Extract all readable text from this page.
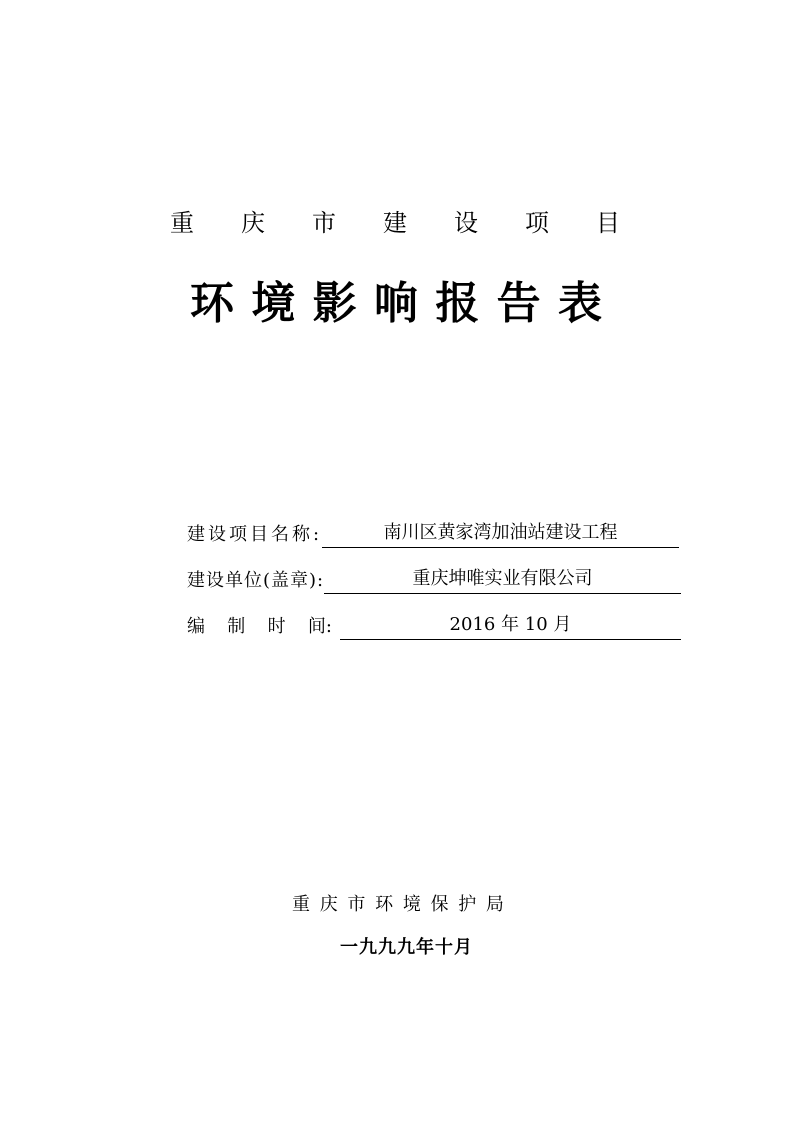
重 庆 市 建 设 项 目
环 境 影 响 报 告 表
建设项目名称:	南川区黄家湾加油站建设工程
建设单位(盖章):	重庆坤唯实业有限公司
编 制 时 间:	2016 年 10 月
重 庆 市 环 境 保 护 局
一九九九年十月
